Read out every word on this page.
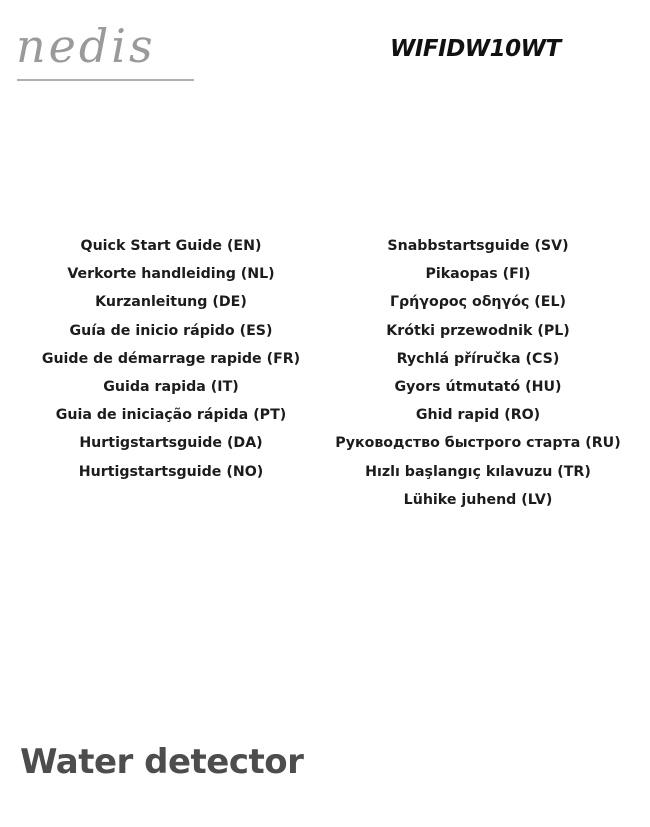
nedis	WIFIDW10WT
Quick Start Guide (EN)
Verkorte handleiding (NL)
Kurzanleitung (DE)
Guía de inicio rápido (ES)
Guide de démarrage rapide (FR)
Guida rapida (IT)
Guia de iniciação rápida (PT)
Hurtigstartsguide (DA)
Hurtigstartsguide (NO)
Snabbstartsguide (SV)
Pikaopas (FI)
Γρήγορος οδηγός (EL)
Krótki przewodnik (PL)
Rychlá příručka (CS)
Gyors útmutató (HU)
Ghid rapid (RO)
Руководство быстрого старта (RU)
Hızlı başlangıç kılavuzu (TR)
Lühike juhend (LV)
Water detector
